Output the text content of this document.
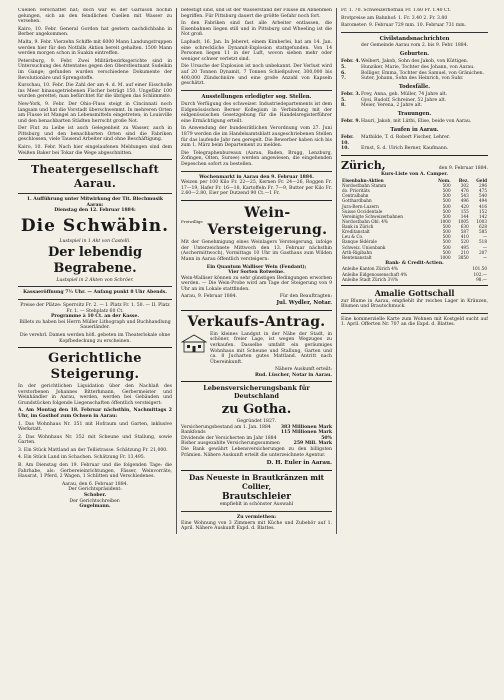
Cuellen verschättet hat; doch war es der Garnison nochin gelungen, sich an den feindlichen Cuellen mit Wasser zu versehen.

Kairo, 10. Febr. General Gordon hat gestern nachdichbahn in Berber angekommen.

Malta, 9. Febr. Vierzehn Schiffe mit 6000 Mann Landungstruppen werden hier für den Notfalls Aktion bereit gehalten. 1500 Mann werden morgen schon in Suakin eintreffen.

Petersburg, 9. Febr. Zwei Militärbezirksgerichte sind in Untersuchung des Attentates gegen den Oberstleutnant Sudeikin im Gange; gefunden wurden verschiedene Dokumente der Revolutionäre und Sprengstoffe.

Kurschau, 10. Febr. Die Zahl der am 4. d. M. auf einer Eisscholle ins Meer hinausgetriebenen Fischer beträgt 150. Ungefähr 100 wurden gerettet; man befürchtet für die übrigen das Schlimmste.

New-York, 9. Febr. Der Ohio-Fluss steigt in Cincinnati noch langsam und hat die Vorstadt überschwemmt. In mehreren Orten am Flusse ist Mangel an Lebensmitteln eingetreten; in Louisville und den benachbarten Städten herrscht große Not.

Der Flut zu Leibe ist auch Gelegenheit zu Wasser, auch in Pittsburg und den benachbarten Orten sind die Fabriken geschlossen, viele Tausend Arbeiter sind ohne Beschäftigung.

Kairo, 10. Febr. Nach hier eingelaufenen Meldungen sind dem Weißen Baker bei Tokar die Wege abgeschnitten.

Theatergesellschaft Aarau.
1. Aufführung unter Mitwirkung der Tit. Blechmusik Aarau:
Dienstag den 12. Februar 1884:
Die Schwäbin.
Lustspiel in 1 Akt von Castelli.
Der lebendig Begrabene.
Lustspiel in 2 Akten von Schröer.
Kassaeröffnung 7½ Uhr. — Anfang punkt 8 Uhr Abends.
Preise der Plätze: Sperrsitz Fr. 2. — I. Platz Fr. 1. 50. — II. Platz Fr. 1. — Stehplatz 60 Ct.
Programme à 10 Ct. an der Kasse.
Billets zu haben bei Herrn Müller Lithograph und Buchhandlung Sauerländer.
Die verehrl. Damen werden höfl. gebeten im Theaterlokale ohne Kopfbedeckung zu erscheinen.
Gerichtliche Steigerung.

In der gerichtlichen Liquidation über den Nachlaß des verstorbenen Johannes Bitterhmann, Gerbermeister und Weinhändler in Aarau, werden, werden bei Gebäuden und Grundstücken folgende Liegenschaften öffentlich versteigert:

A. Am Montag den 18. Februar nächsthin, Nachmittags 2 Uhr, im Gasthof zum Ochsen in Aarau:

1. Das Wohnhaus Nr. 351 mit Hofraum und Garten, inklusive Werkstatt.

2. Das Wohnhaus Nr. 352 mit Scheune und Stallung, sowie Garten.

3. Ein Stück Mattland an der Tellistrasse. Schätzung Fr. 21,000.

4. Ein Stück Land im Schachen. Schätzung Fr. 13,495.

B. Am Dienstag den 19. Februar und die folgenden Tage: die Fahrhabe, als: Gerbereieinrichtungen, Fässer, Weinvorräte, Hausrat, 1 Pferd, 2 Wagen, 1 Schlitten und Verschiedenes.

Aarau, den 6. Februar 1884.
Der Gerichtspräsident:
Schober.
Der Gerichtschreiber:
Gugelmann.

befestigt sind, und ist der Wasserstand der Flüsse im Abnehmen begriffen. Für Pittsburg dauert die größte Gefahr noch fort.

In den Fabriken sind fast alle Arbeiter entlassen, die Eisenbahnen liegen still und in Pittsburg und Wheeling ist die Not groß.

Laphadt, 16. Jan. In Jeberet, einem Kimberlei, hat am 14. Jan. eine schreckliche Dynamit-Explosion stattgefunden. Von 14 Personen liegen 11 in der Luft, wovon sieben mehr oder weniger schwer verletzt sind.

Die Ursache der Explosion ist noch unbekannt. Der Verlust wird auf 20 Tonnen Dynamit, 7 Tonnen Schießpulver, 300,000 bis 400,000 Zündschnüre und eine große Anzahl von Kapseln geschätzt.

Ausstellungen erledigter sog. Stellen.

Durch Verfügung des schweizer. Industriedepartements ist dem Eidgenössischen Berner Kollegium in Verbindung mit der eidgenössischen Gesetzgebung für die Handelsregisterführer eine Ermächtigung erteilt.

In Anwendung der bundesrätlichen Verordnung vom 27. Juni 1879 werden die im Handelsamtsblatt ausgeschriebenen Stellen für das laufende Jahr neu geregelt. Die Bewerber haben sich bis zum 1. März beim Departement zu melden.

Die Telegraphenbureaux (Aarau, Baden, Brugg, Lenzburg, Zofingen, Olten, Sursee) werden angewiesen, die eingehenden Depeschen sofort zu bestellen.

Wochenmarkt in Aarau den 9. Februar 1884.

Weizen per 100 Kilo Fr. 22—25, Kernen Fr. 24—26, Roggen Fr. 17—19, Hafer Fr. 16—18, Kartoffeln Fr. 7—9, Butter per Kilo Fr. 2.60—2.80, Eier per Dutzend 90 Ct.—1 Fr.

Freiwillige
Wein-Versteigerung.

Mit der Genehmigung eines Weinlagers Versteigerung, infolge der Unterzeichnete Mittwoch den 13. Februar nächsthin (Aschermittwoch), Vormittags 10 Uhr im Gasthaus zum Wilden Mann in Aarau öffentlich versteigern:

Ein Quantum Walliser Wein (Fendant);
Vier Sorten Rotweine.

Wein-Walliser können zu sehr günstigen Bedingungen erworben werden. — Die Wein-Probe wird am Tage der Steigerung von 9 Uhr an im Lokale stattfinden.

Aarau, 9. Februar 1884.	Für den Beauftragten:
Jul. Wydler, Notar.
Verkaufs-Antrag.

Ein kleines Landgut in der Nähe der Stadt, in schöner, freier Lage, ist wegen Wegzuges zu verkaufen. Dasselbe umfaßt ein geräumiges Wohnhaus mit Scheune und Stallung, Garten und ca. 8 Jucharten gutes Mattland. Antritt nach Übereinkunft.

Nähere Auskunft erteilt:
Rud. Lüscher, Notar in Aarau.
Lebensversicherungsbank für Deutschland
zu Gotha.
Gegründet 1827.
Versicherungsbestand am 1. Jan. 1884 383 Millionen Mark
Bankfonds	115 Millionen Mark
Dividende der Versicherten im Jahr 1884	50%
Bisher ausgezahlte Versicherungssummen	259 Mill. Mark

Die Bank gewährt Lebensversicherungen zu den billigsten Prämien. Nähere Auskunft erteilt die unterzeichnete Agentur.

D. H. Euler in Aarau.
Das Neueste in Brautkränzen mit Collier,
Brautschleier
empfiehlt in schönster Auswahl
Zu vermiethen:

Eine Wohnung von 3 Zimmern mit Küche und Zubehör auf 1. April. Nähere Auskunft Expd. d. Blattes.

Fr. 1. 70. Schweizerhofnau Fr. 1.60 Fr. 1.40 Ct.

Brotpreise am Bahnhof: 1. Fr. 3.40 2. Fr. 3.80

Barometer: 9. Februar 729 mm. 10. Februar 731 mm.

Civilstandsnachrichten
der Gemeinde Aarau vom 2. bis 9. Febr. 1884.
Geburten.
Febr. 4. Weibert, Jakob, Sohn des Jakob, von Küttigen.
5.	Hunziker, Marie, Tochter des Johann, von Aarau.
6.	Bolliger, Emma, Tochter des Samuel, von Gränichen.
7.	Suter, Johann, Sohn des Heinrich, von Suhr.
Todesfälle.
Febr. 3. Frey, Anna, geb. Müller, 74 Jahre alt.
5.	Gysi, Rudolf, Schreiner, 52 Jahre alt.
8.	Meier, Verena, 2 Jahre alt.
Trauungen.
Febr. 9. Hauri, Jakob, mit Lüthi, Elise, beide von Aarau.
Taufen in Aarau.
Febr. 10.
Mathilde, T. d. Robert Fischer, Lehrer.
10.	Ernst, S. d. Ulrich Berner, Kaufmann.
Zürich,	den 9. Februar 1884.
Kurs-Liste von A. Camper.
Eisenbahn-Aktien	Nom.	Bez.	Geld
Nordostbahn Stamm	500	302	296
do. Prioritäts	500	476	475
Centralbahn	500	543	540
Gotthardbahn	500	496	494
Jura-Bern-Luzern	500	420	416
Suisse Occidentale	500	155	152
Vereinigte Schweizerbahnen	500	144	142
Nordostbahn Obl. 4%	1000	1005	1003
Bank in Zürich	500	630	628
Kreditanstalt	500	587	585
Leu & Co.	500	410	—
Banque fédérale	500	520	518
Schweiz. Unionbank	500	495	—
Arth-Rigibahn	500	210	207
Rentenanstalt	1000	3850	—
Bank- & Credit-Actien.
Anleihe Kanton Zürich 4%	101.50
Anleihe Eidgenossenschaft 4%	102.—
Anleihe Stadt Zürich 3½%	98.—
Amalie Gottschall

zur Blume in Aarau, empfiehlt ihr reiches Lager in Kränzen, Blumen und Brautschmuck.

Eine kommerzielle Karte zum Wohnen mit Kostgeld sucht auf 1. April. Offerten Nr. 707 an die Expd. d. Blattes.
